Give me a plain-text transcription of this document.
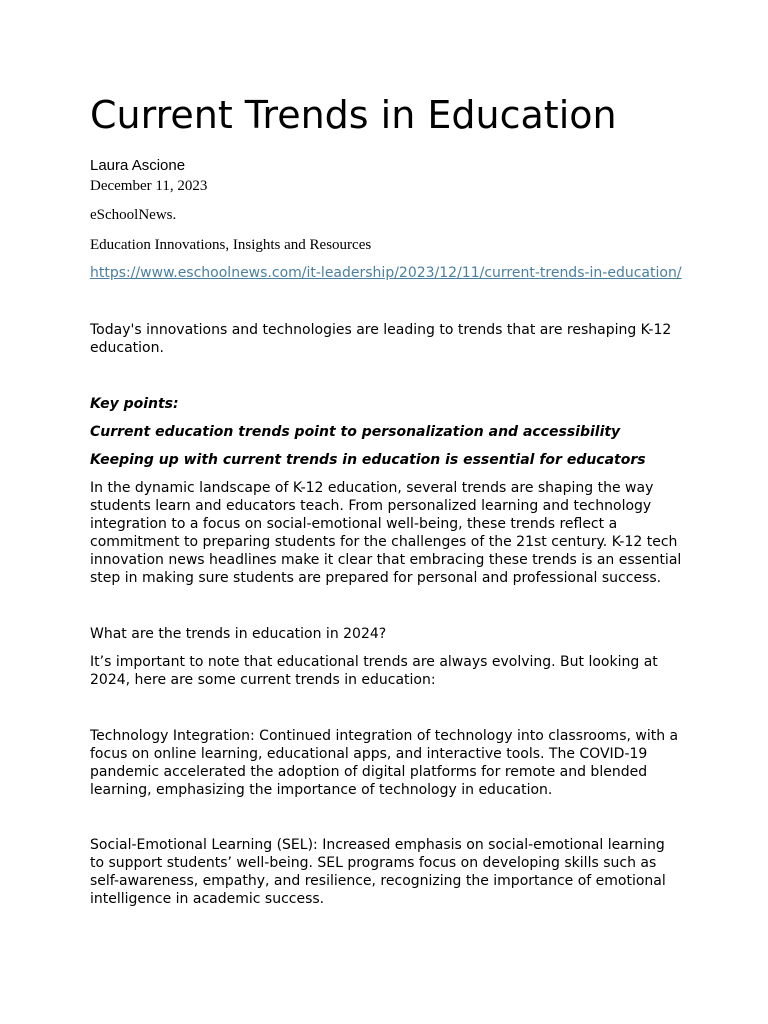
Current Trends in Education
Laura Ascione
December 11, 2023
eSchoolNews.
Education Innovations, Insights and Resources
https://www.eschoolnews.com/it-leadership/2023/12/11/current-trends-in-education/

Today's innovations and technologies are leading to trends that are reshaping K-12 education.

Key points:

Current education trends point to personalization and accessibility

Keeping up with current trends in education is essential for educators

In the dynamic landscape of K-12 education, several trends are shaping the way students learn and educators teach. From personalized learning and technology integration to a focus on social-emotional well-being, these trends reflect a commitment to preparing students for the challenges of the 21st century. K-12 tech innovation news headlines make it clear that embracing these trends is an essential step in making sure students are prepared for personal and professional success.

What are the trends in education in 2024?

It’s important to note that educational trends are always evolving. But looking at 2024, here are some current trends in education:

Technology Integration: Continued integration of technology into classrooms, with a focus on online learning, educational apps, and interactive tools. The COVID-19 pandemic accelerated the adoption of digital platforms for remote and blended learning, emphasizing the importance of technology in education.

Social-Emotional Learning (SEL): Increased emphasis on social-emotional learning to support students’ well-being. SEL programs focus on developing skills such as self-awareness, empathy, and resilience, recognizing the importance of emotional intelligence in academic success.
